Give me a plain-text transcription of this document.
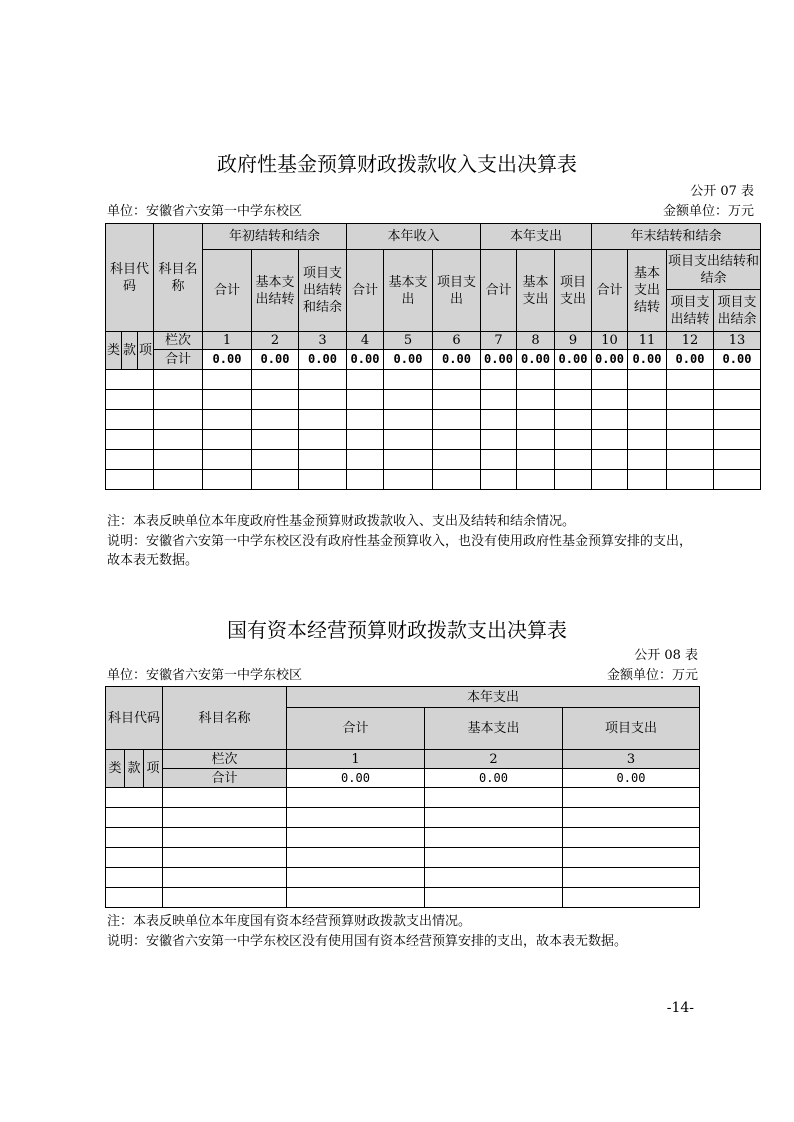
政府性基金预算财政拨款收入支出决算表
公开 07 表
单位：安徽省六安第一中学东校区	金额单位：万元
科目代码			科目名称	年初结转和结余			本年收入			本年支出			年末结转和结余				
				合计	基本支出结转	项目支出结转和结余	合计	基本支出	项目支出	合计	基本支出	项目支出	合计	基本支出结转	项目支出结转和结余		
															项目支出结转	项目支出结余	

类	款	项	栏次	1	2	3	4	5	6	7	8	9	10	11	12	13	
			合计	0.00	0.00	0.00	0.00	0.00	0.00	0.00	0.00	0.00	0.00	0.00	0.00	0.00	

注：本表反映单位本年度政府性基金预算财政拨款收入、支出及结转和结余情况。
说明：安徽省六安第一中学东校区没有政府性基金预算收入，也没有使用政府性基金预算安排的支出，
故本表无数据。
国有资本经营预算财政拨款支出决算表
公开 08 表
单位：安徽省六安第一中学东校区	金额单位：万元
科目代码			科目名称	本年支出		
				合计	基本支出	项目支出
类	款	项	栏次	1	2	3
			合计	0.00	0.00	0.00

注：本表反映单位本年度国有资本经营预算财政拨款支出情况。
说明：安徽省六安第一中学东校区没有使用国有资本经营预算安排的支出，故本表无数据。
-14-
